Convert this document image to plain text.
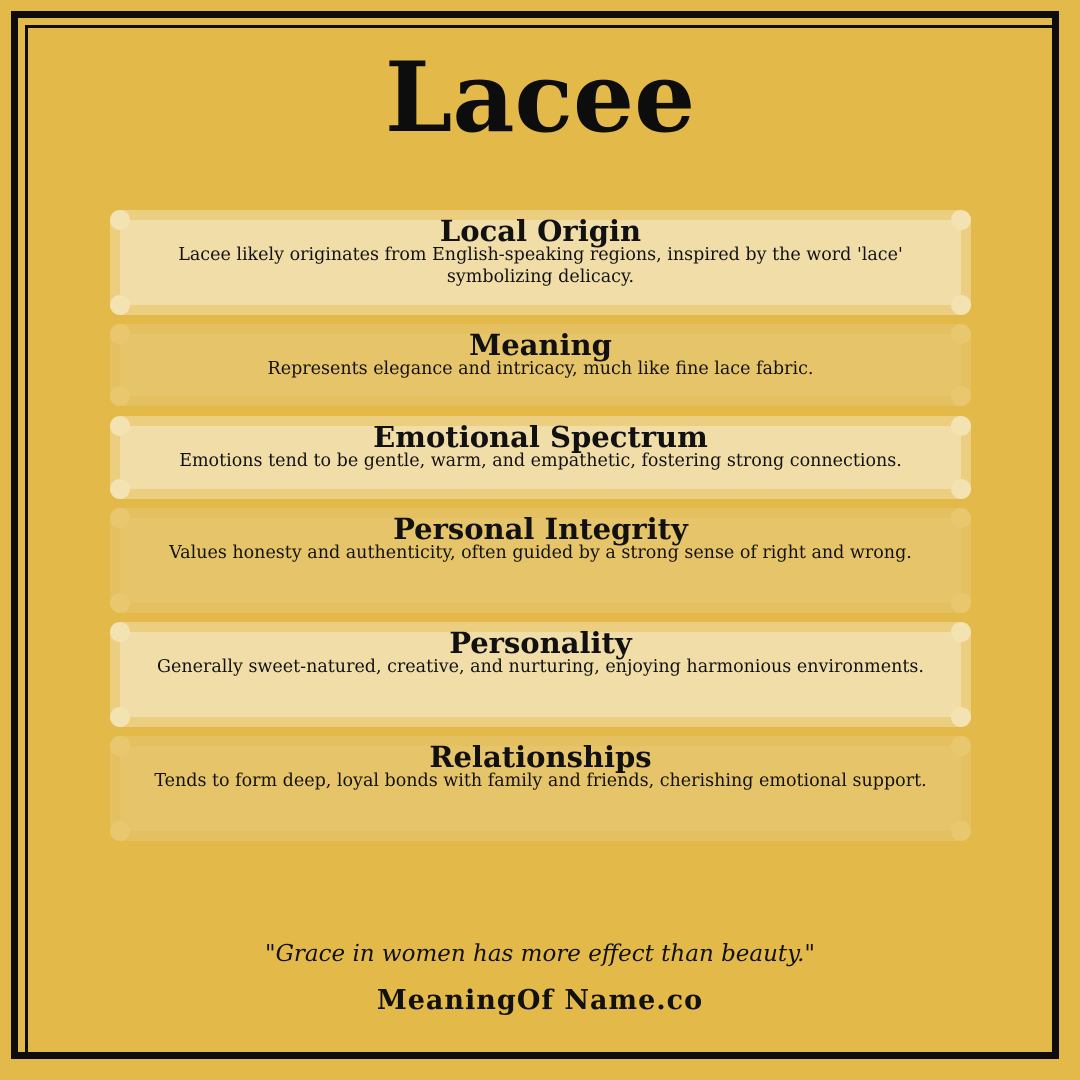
Lacee
Local Origin
Lacee likely originates from English-speaking regions, inspired by the word 'lace' symbolizing delicacy.
Meaning
Represents elegance and intricacy, much like fine lace fabric.
Emotional Spectrum
Emotions tend to be gentle, warm, and empathetic, fostering strong connections.
Personal Integrity
Values honesty and authenticity, often guided by a strong sense of right and wrong.
Personality
Generally sweet-natured, creative, and nurturing, enjoying harmonious environments.
Relationships
Tends to form deep, loyal bonds with family and friends, cherishing emotional support.
"Grace in women has more effect than beauty."
MeaningOf Name.co
